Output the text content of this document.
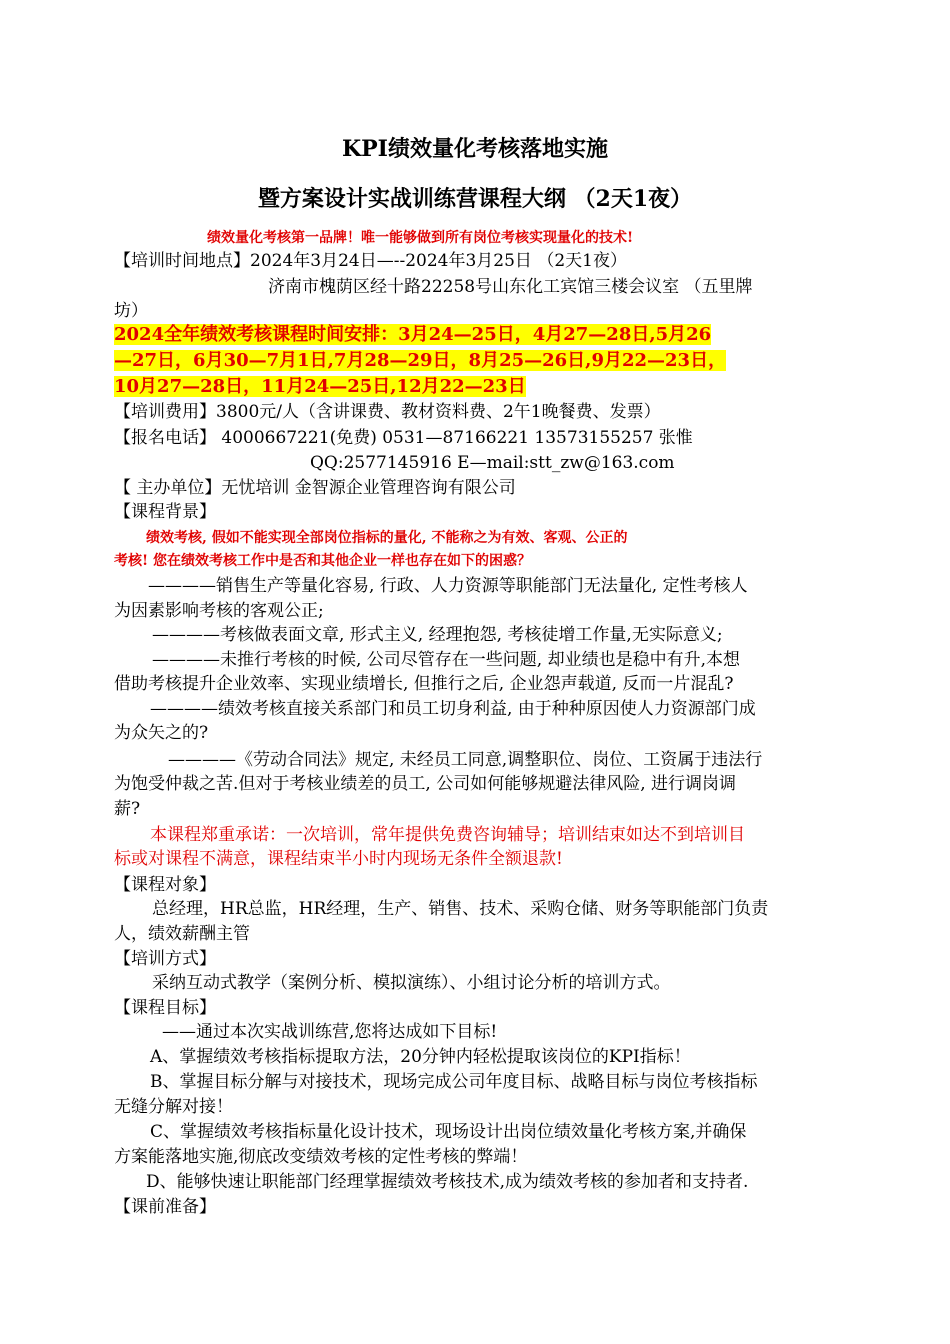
KPI绩效量化考核落地实施
暨方案设计实战训练营课程大纲 （2天1夜）
绩效量化考核第一品牌！唯一能够做到所有岗位考核实现量化的技术!
【培训时间地点】2024年3月24日—--2024年3月25日 （2天1夜）
济南市槐荫区经十路22258号山东化工宾馆三楼会议室 （五里牌
坊）
2024全年绩效考核课程时间安排：3月24—25日，4月27—28日,5月26
—27日，6月30—7月1日,7月28—29日，8月25—26日,9月22—23日，
10月27—28日，11月24—25日,12月22—23日
【培训费用】3800元/人（含讲课费、教材资料费、2午1晚餐费、发票）
【报名电话】 4000667221(免费) 0531—87166221 13573155257 张惟
QQ:2577145916 E—mail:stt_zw@163.com
【 主办单位】无忧培训 金智源企业管理咨询有限公司
【课程背景】
绩效考核, 假如不能实现全部岗位指标的量化, 不能称之为有效、客观、公正的
考核! 您在绩效考核工作中是否和其他企业一样也存在如下的困惑？
————销售生产等量化容易, 行政、人力资源等职能部门无法量化, 定性考核人
为因素影响考核的客观公正;
————考核做表面文章, 形式主义, 经理抱怨, 考核徒增工作量,无实际意义;
————未推行考核的时候, 公司尽管存在一些问题, 却业绩也是稳中有升,本想
借助考核提升企业效率、实现业绩增长, 但推行之后, 企业怨声载道, 反而一片混乱?
————绩效考核直接关系部门和员工切身利益, 由于种种原因使人力资源部门成
为众矢之的?
————《劳动合同法》规定, 未经员工同意,调整职位、岗位、工资属于违法行
为饱受仲裁之苦.但对于考核业绩差的员工, 公司如何能够规避法律风险, 进行调岗调
薪?
本课程郑重承诺：一次培训，常年提供免费咨询辅导；培训结束如达不到培训目
标或对课程不满意，课程结束半小时内现场无条件全额退款!
【课程对象】
总经理，HR总监，HR经理，生产、销售、技术、采购仓储、财务等职能部门负责
人，绩效薪酬主管
【培训方式】
采纳互动式教学（案例分析、模拟演练）、小组讨论分析的培训方式。
【课程目标】
——通过本次实战训练营,您将达成如下目标!
A、掌握绩效考核指标提取方法，20分钟内轻松提取该岗位的KPI指标！
B、掌握目标分解与对接技术，现场完成公司年度目标、战略目标与岗位考核指标
无缝分解对接！
C、掌握绩效考核指标量化设计技术，现场设计出岗位绩效量化考核方案,并确保
方案能落地实施,彻底改变绩效考核的定性考核的弊端！
D、能够快速让职能部门经理掌握绩效考核技术,成为绩效考核的参加者和支持者.
【课前准备】
